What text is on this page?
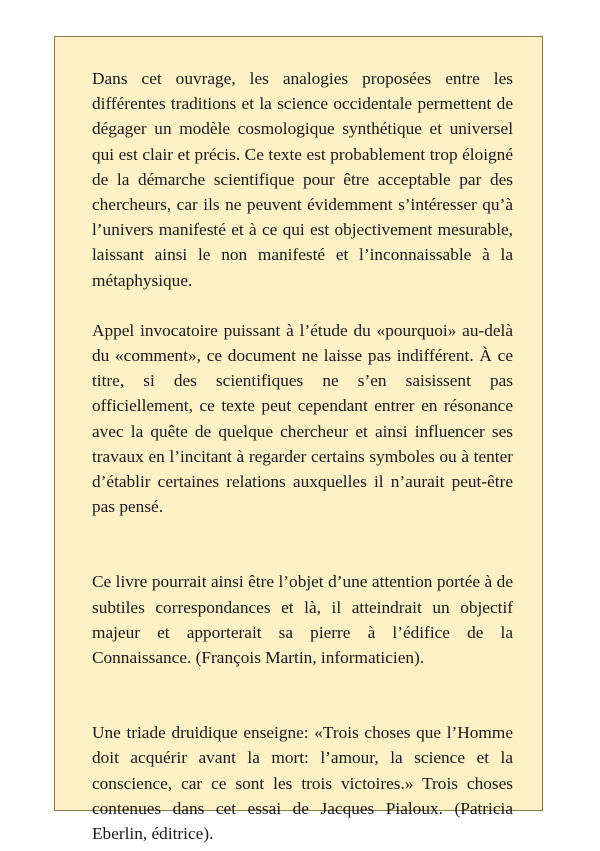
Dans cet ouvrage, les analogies proposées entre les différentes traditions et la science occidentale permettent de dégager un modèle cosmologique synthétique et universel qui est clair et précis. Ce texte est probablement trop éloigné de la démarche scientifique pour être acceptable par des chercheurs, car ils ne peuvent évidemment s’intéresser qu’à l’univers manifesté et à ce qui est objectivement mesurable, laissant ainsi le non manifesté et l’inconnaissable à la métaphysique.

Appel invocatoire puissant à l’étude du «pourquoi» au-delà du «comment», ce document ne laisse pas indifférent. À ce titre, si des scientifiques ne s’en saisissent pas officiellement, ce texte peut cependant entrer en résonance avec la quête de quelque chercheur et ainsi influencer ses travaux en l’incitant à regarder certains symboles ou à tenter d’établir certaines relations auxquelles il n’aurait peut-être pas pensé.

Ce livre pourrait ainsi être l’objet d’une attention portée à de subtiles correspondances et là, il atteindrait un objectif majeur et apporterait sa pierre à l’édifice de la Connaissance. (François Martin, informaticien).

Une triade druidique enseigne: «Trois choses que l’Homme doit acquérir avant la mort: l’amour, la science et la conscience, car ce sont les trois victoires.» Trois choses contenues dans cet essai de Jacques Pialoux. (Patricia Eberlin, éditrice).
